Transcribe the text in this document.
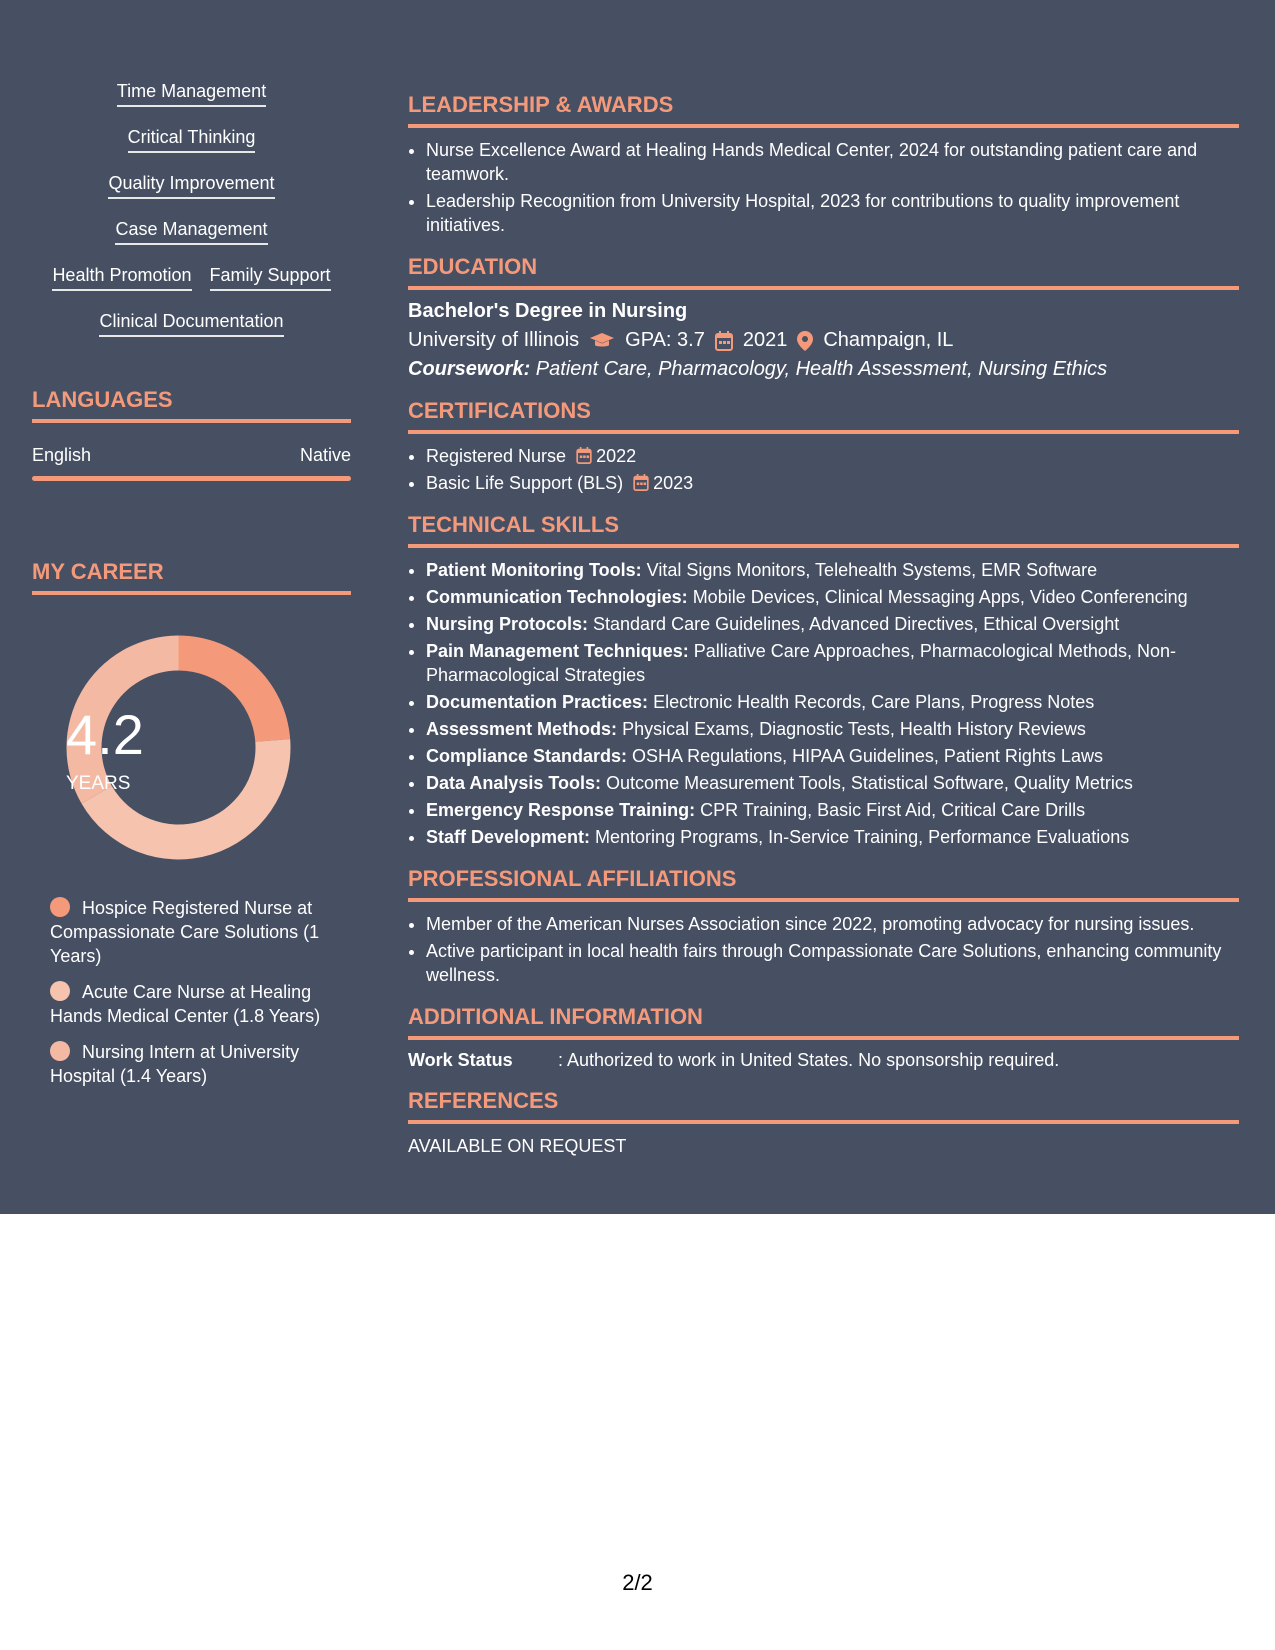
Time Management
Critical Thinking
Quality Improvement
Case Management
Health Promotion Family Support
Clinical Documentation
LANGUAGES
English	Native
MY CAREER
4.2
YEARS
Hospice Registered Nurse at Compassionate Care Solutions (1 Years)
Acute Care Nurse at Healing Hands Medical Center (1.8 Years)
Nursing Intern at University Hospital (1.4 Years)
LEADERSHIP & AWARDS
• Nurse Excellence Award at Healing Hands Medical Center, 2024 for outstanding patient care and teamwork.
• Leadership Recognition from University Hospital, 2023 for contributions to quality improvement initiatives.
EDUCATION
Bachelor's Degree in Nursing
University of Illinois GPA: 3.7 2021 Champaign, IL
Coursework: Patient Care, Pharmacology, Health Assessment, Nursing Ethics
CERTIFICATIONS
• Registered Nurse 2022
• Basic Life Support (BLS) 2023
TECHNICAL SKILLS
• Patient Monitoring Tools: Vital Signs Monitors, Telehealth Systems, EMR Software
• Communication Technologies: Mobile Devices, Clinical Messaging Apps, Video Conferencing
• Nursing Protocols: Standard Care Guidelines, Advanced Directives, Ethical Oversight
• Pain Management Techniques: Palliative Care Approaches, Pharmacological Methods, Non-Pharmacological Strategies
• Documentation Practices: Electronic Health Records, Care Plans, Progress Notes
• Assessment Methods: Physical Exams, Diagnostic Tests, Health History Reviews
• Compliance Standards: OSHA Regulations, HIPAA Guidelines, Patient Rights Laws
• Data Analysis Tools: Outcome Measurement Tools, Statistical Software, Quality Metrics
• Emergency Response Training: CPR Training, Basic First Aid, Critical Care Drills
• Staff Development: Mentoring Programs, In-Service Training, Performance Evaluations
PROFESSIONAL AFFILIATIONS
• Member of the American Nurses Association since 2022, promoting advocacy for nursing issues.
• Active participant in local health fairs through Compassionate Care Solutions, enhancing community wellness.
ADDITIONAL INFORMATION
Work Status	: Authorized to work in United States. No sponsorship required.
REFERENCES
AVAILABLE ON REQUEST
2/2
